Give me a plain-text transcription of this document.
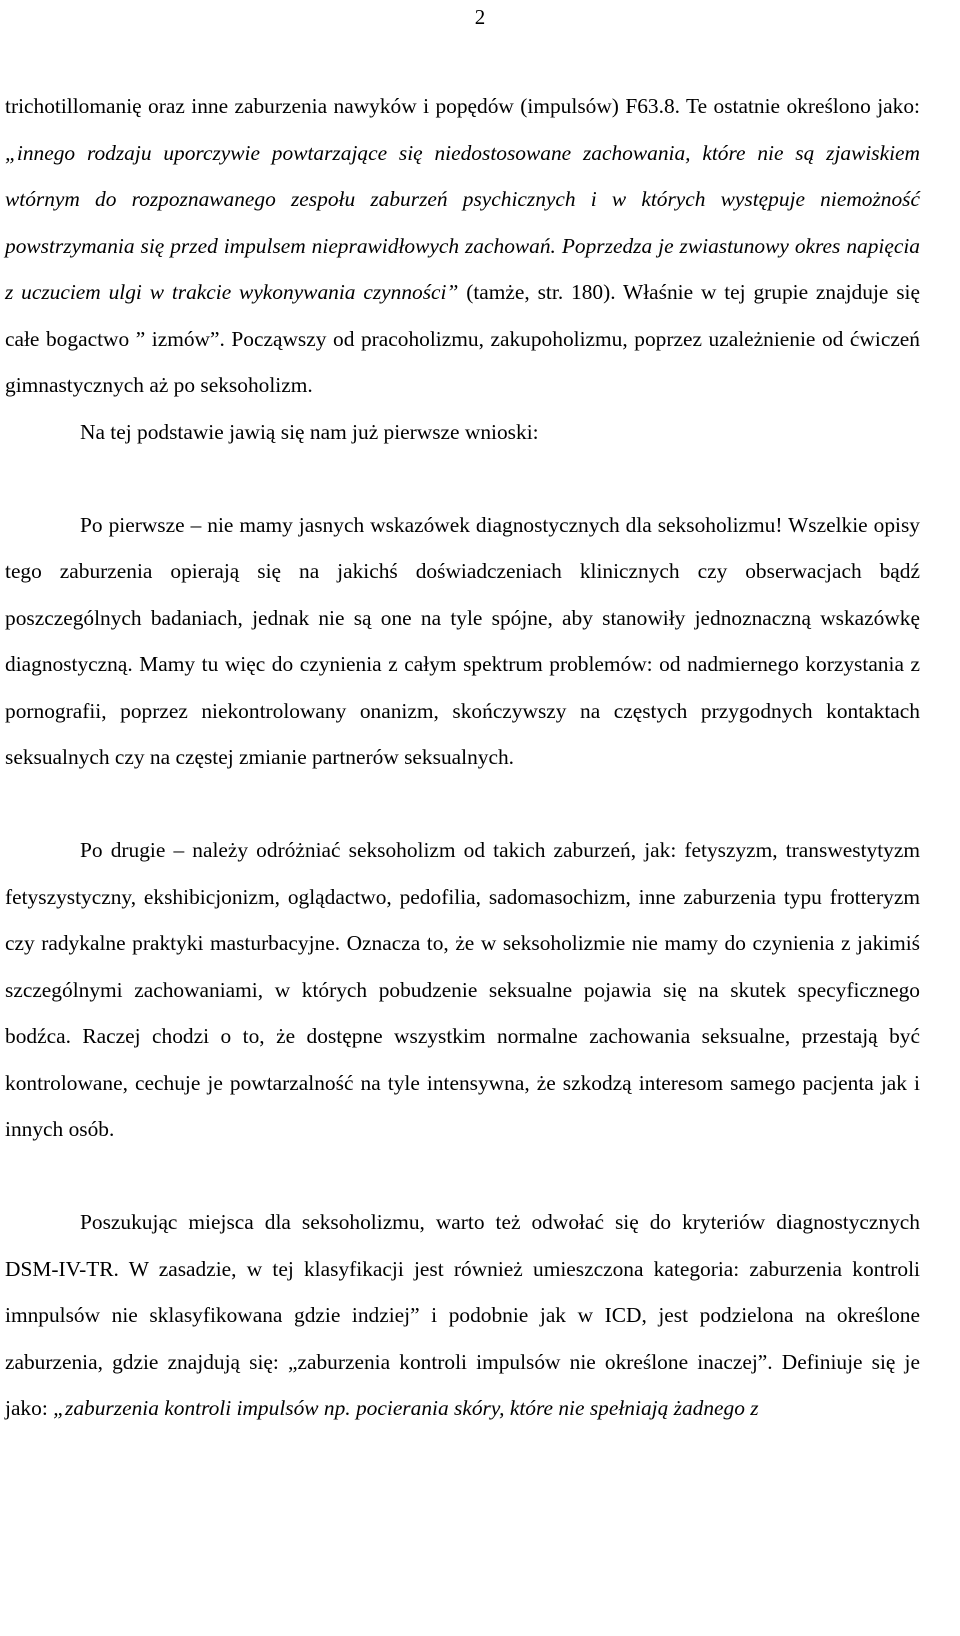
2

trichotillomanię oraz inne zaburzenia nawyków i popędów (impulsów) F63.8. Te ostatnie określono jako: „innego rodzaju uporczywie powtarzające się niedostosowane zachowania, które nie są zjawiskiem wtórnym do rozpoznawanego zespołu zaburzeń psychicznych i w których występuje niemożność powstrzymania się przed impulsem nieprawidłowych zachowań. Poprzedza je zwiastunowy okres napięcia z uczuciem ulgi w trakcie wykonywania czynności” (tamże, str. 180). Właśnie w tej grupie znajduje się całe bogactwo ” izmów”. Począwszy od pracoholizmu, zakupoholizmu, poprzez uzależnienie od ćwiczeń gimnastycznych aż po seksoholizm.

Na tej podstawie jawią się nam już pierwsze wnioski:

Po pierwsze – nie mamy jasnych wskazówek diagnostycznych dla seksoholizmu! Wszelkie opisy tego zaburzenia opierają się na jakichś doświadczeniach klinicznych czy obserwacjach bądź poszczególnych badaniach, jednak nie są one na tyle spójne, aby stanowiły jednoznaczną wskazówkę diagnostyczną. Mamy tu więc do czynienia z całym spektrum problemów: od nadmiernego korzystania z pornografii, poprzez niekontrolowany onanizm, skończywszy na częstych przygodnych kontaktach seksualnych czy na częstej zmianie partnerów seksualnych.

Po drugie – należy odróżniać seksoholizm od takich zaburzeń, jak: fetyszyzm, transwestytyzm fetyszystyczny, ekshibicjonizm, oglądactwo, pedofilia, sadomasochizm, inne zaburzenia typu frotteryzm czy radykalne praktyki masturbacyjne. Oznacza to, że w seksoholizmie nie mamy do czynienia z jakimiś szczególnymi zachowaniami, w których pobudzenie seksualne pojawia się na skutek specyficznego bodźca. Raczej chodzi o to, że dostępne wszystkim normalne zachowania seksualne, przestają być kontrolowane, cechuje je powtarzalność na tyle intensywna, że szkodzą interesom samego pacjenta jak i innych osób.

Poszukując miejsca dla seksoholizmu, warto też odwołać się do kryteriów diagnostycznych DSM-IV-TR. W zasadzie, w tej klasyfikacji jest również umieszczona kategoria: zaburzenia kontroli imnpulsów nie sklasyfikowana gdzie indziej” i podobnie jak w ICD, jest podzielona na określone zaburzenia, gdzie znajdują się: „zaburzenia kontroli impulsów nie określone inaczej”. Definiuje się je jako: „zaburzenia kontroli impulsów np. pocierania skóry, które nie spełniają żadnego z
